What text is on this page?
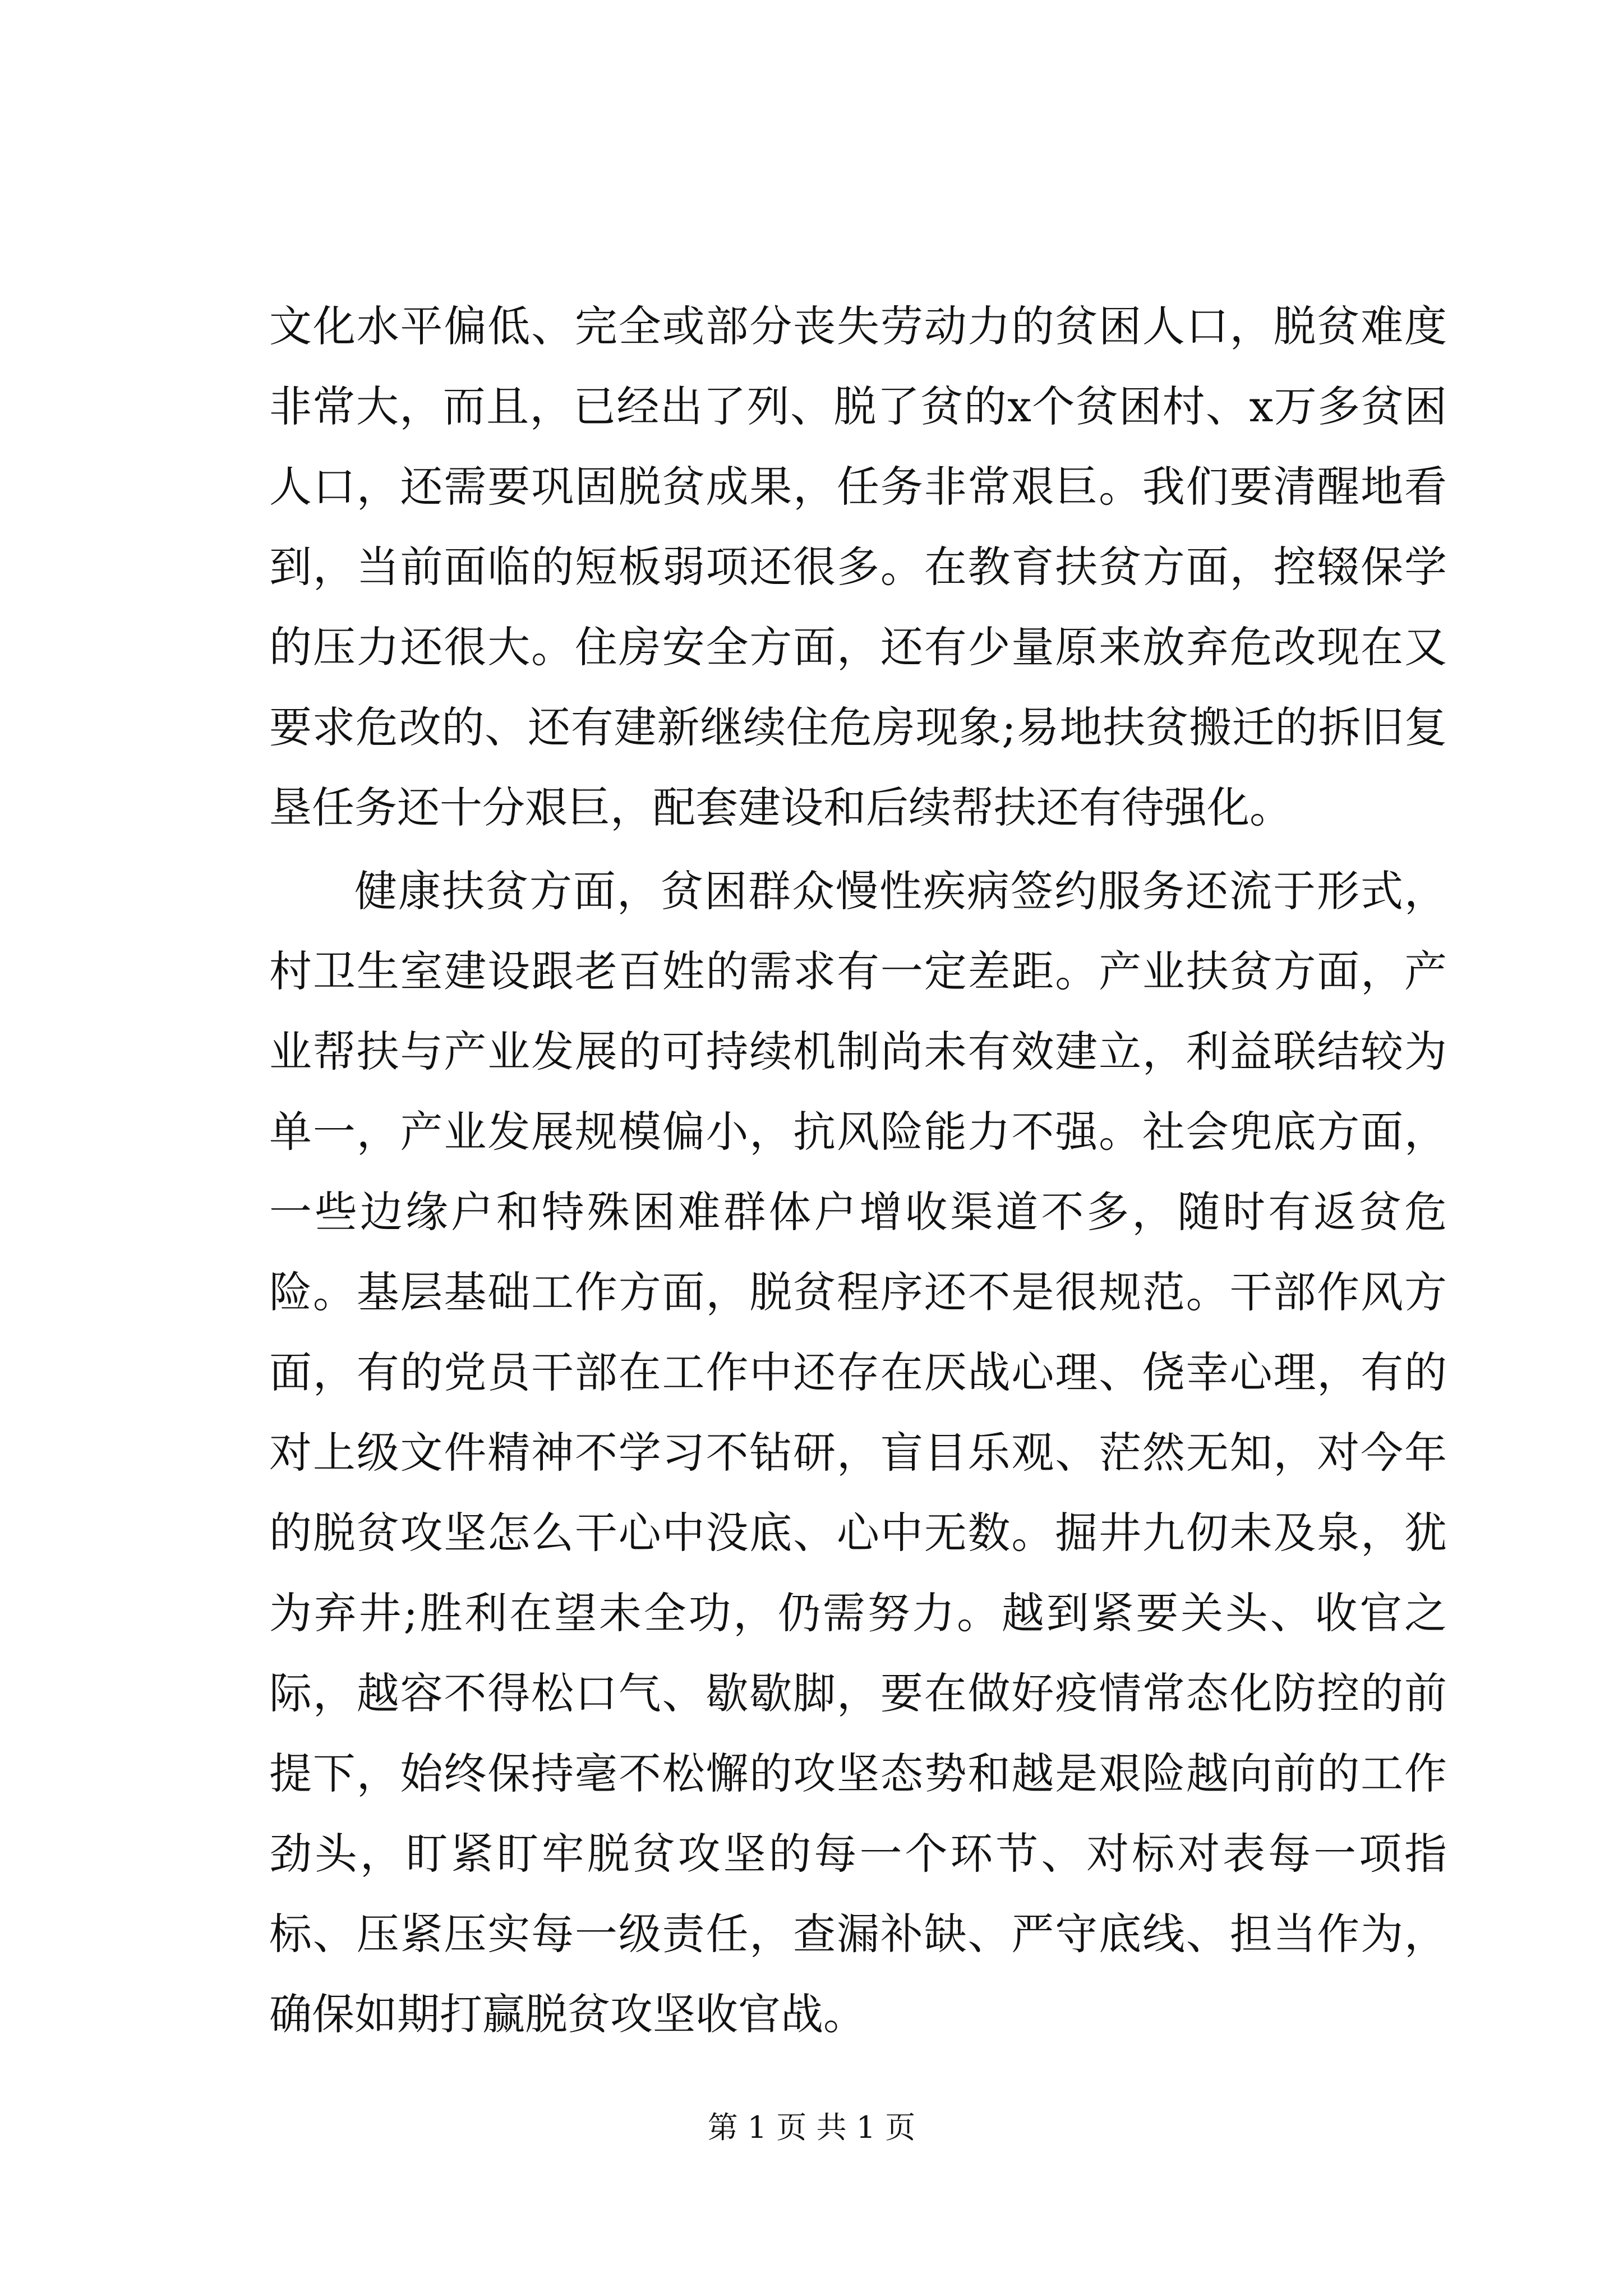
文化水平偏低、完全或部分丧失劳动力的贫困人口，脱贫难度非常大，而且，已经出了列、脱了贫的x个贫困村、x万多贫困人口，还需要巩固脱贫成果，任务非常艰巨。我们要清醒地看到，当前面临的短板弱项还很多。在教育扶贫方面，控辍保学的压力还很大。住房安全方面，还有少量原来放弃危改现在又要求危改的、还有建新继续住危房现象;易地扶贫搬迁的拆旧复垦任务还十分艰巨，配套建设和后续帮扶还有待强化。

健康扶贫方面，贫困群众慢性疾病签约服务还流于形式，村卫生室建设跟老百姓的需求有一定差距。产业扶贫方面，产业帮扶与产业发展的可持续机制尚未有效建立，利益联结较为单一，产业发展规模偏小，抗风险能力不强。社会兜底方面，一些边缘户和特殊困难群体户增收渠道不多，随时有返贫危险。基层基础工作方面，脱贫程序还不是很规范。干部作风方面，有的党员干部在工作中还存在厌战心理、侥幸心理，有的对上级文件精神不学习不钻研，盲目乐观、茫然无知，对今年的脱贫攻坚怎么干心中没底、心中无数。掘井九仞未及泉，犹为弃井;胜利在望未全功，仍需努力。越到紧要关头、收官之际，越容不得松口气、歇歇脚，要在做好疫情常态化防控的前提下，始终保持毫不松懈的攻坚态势和越是艰险越向前的工作劲头，盯紧盯牢脱贫攻坚的每一个环节、对标对表每一项指标、压紧压实每一级责任，查漏补缺、严守底线、担当作为，确保如期打赢脱贫攻坚收官战。

第 1 页 共 1 页
